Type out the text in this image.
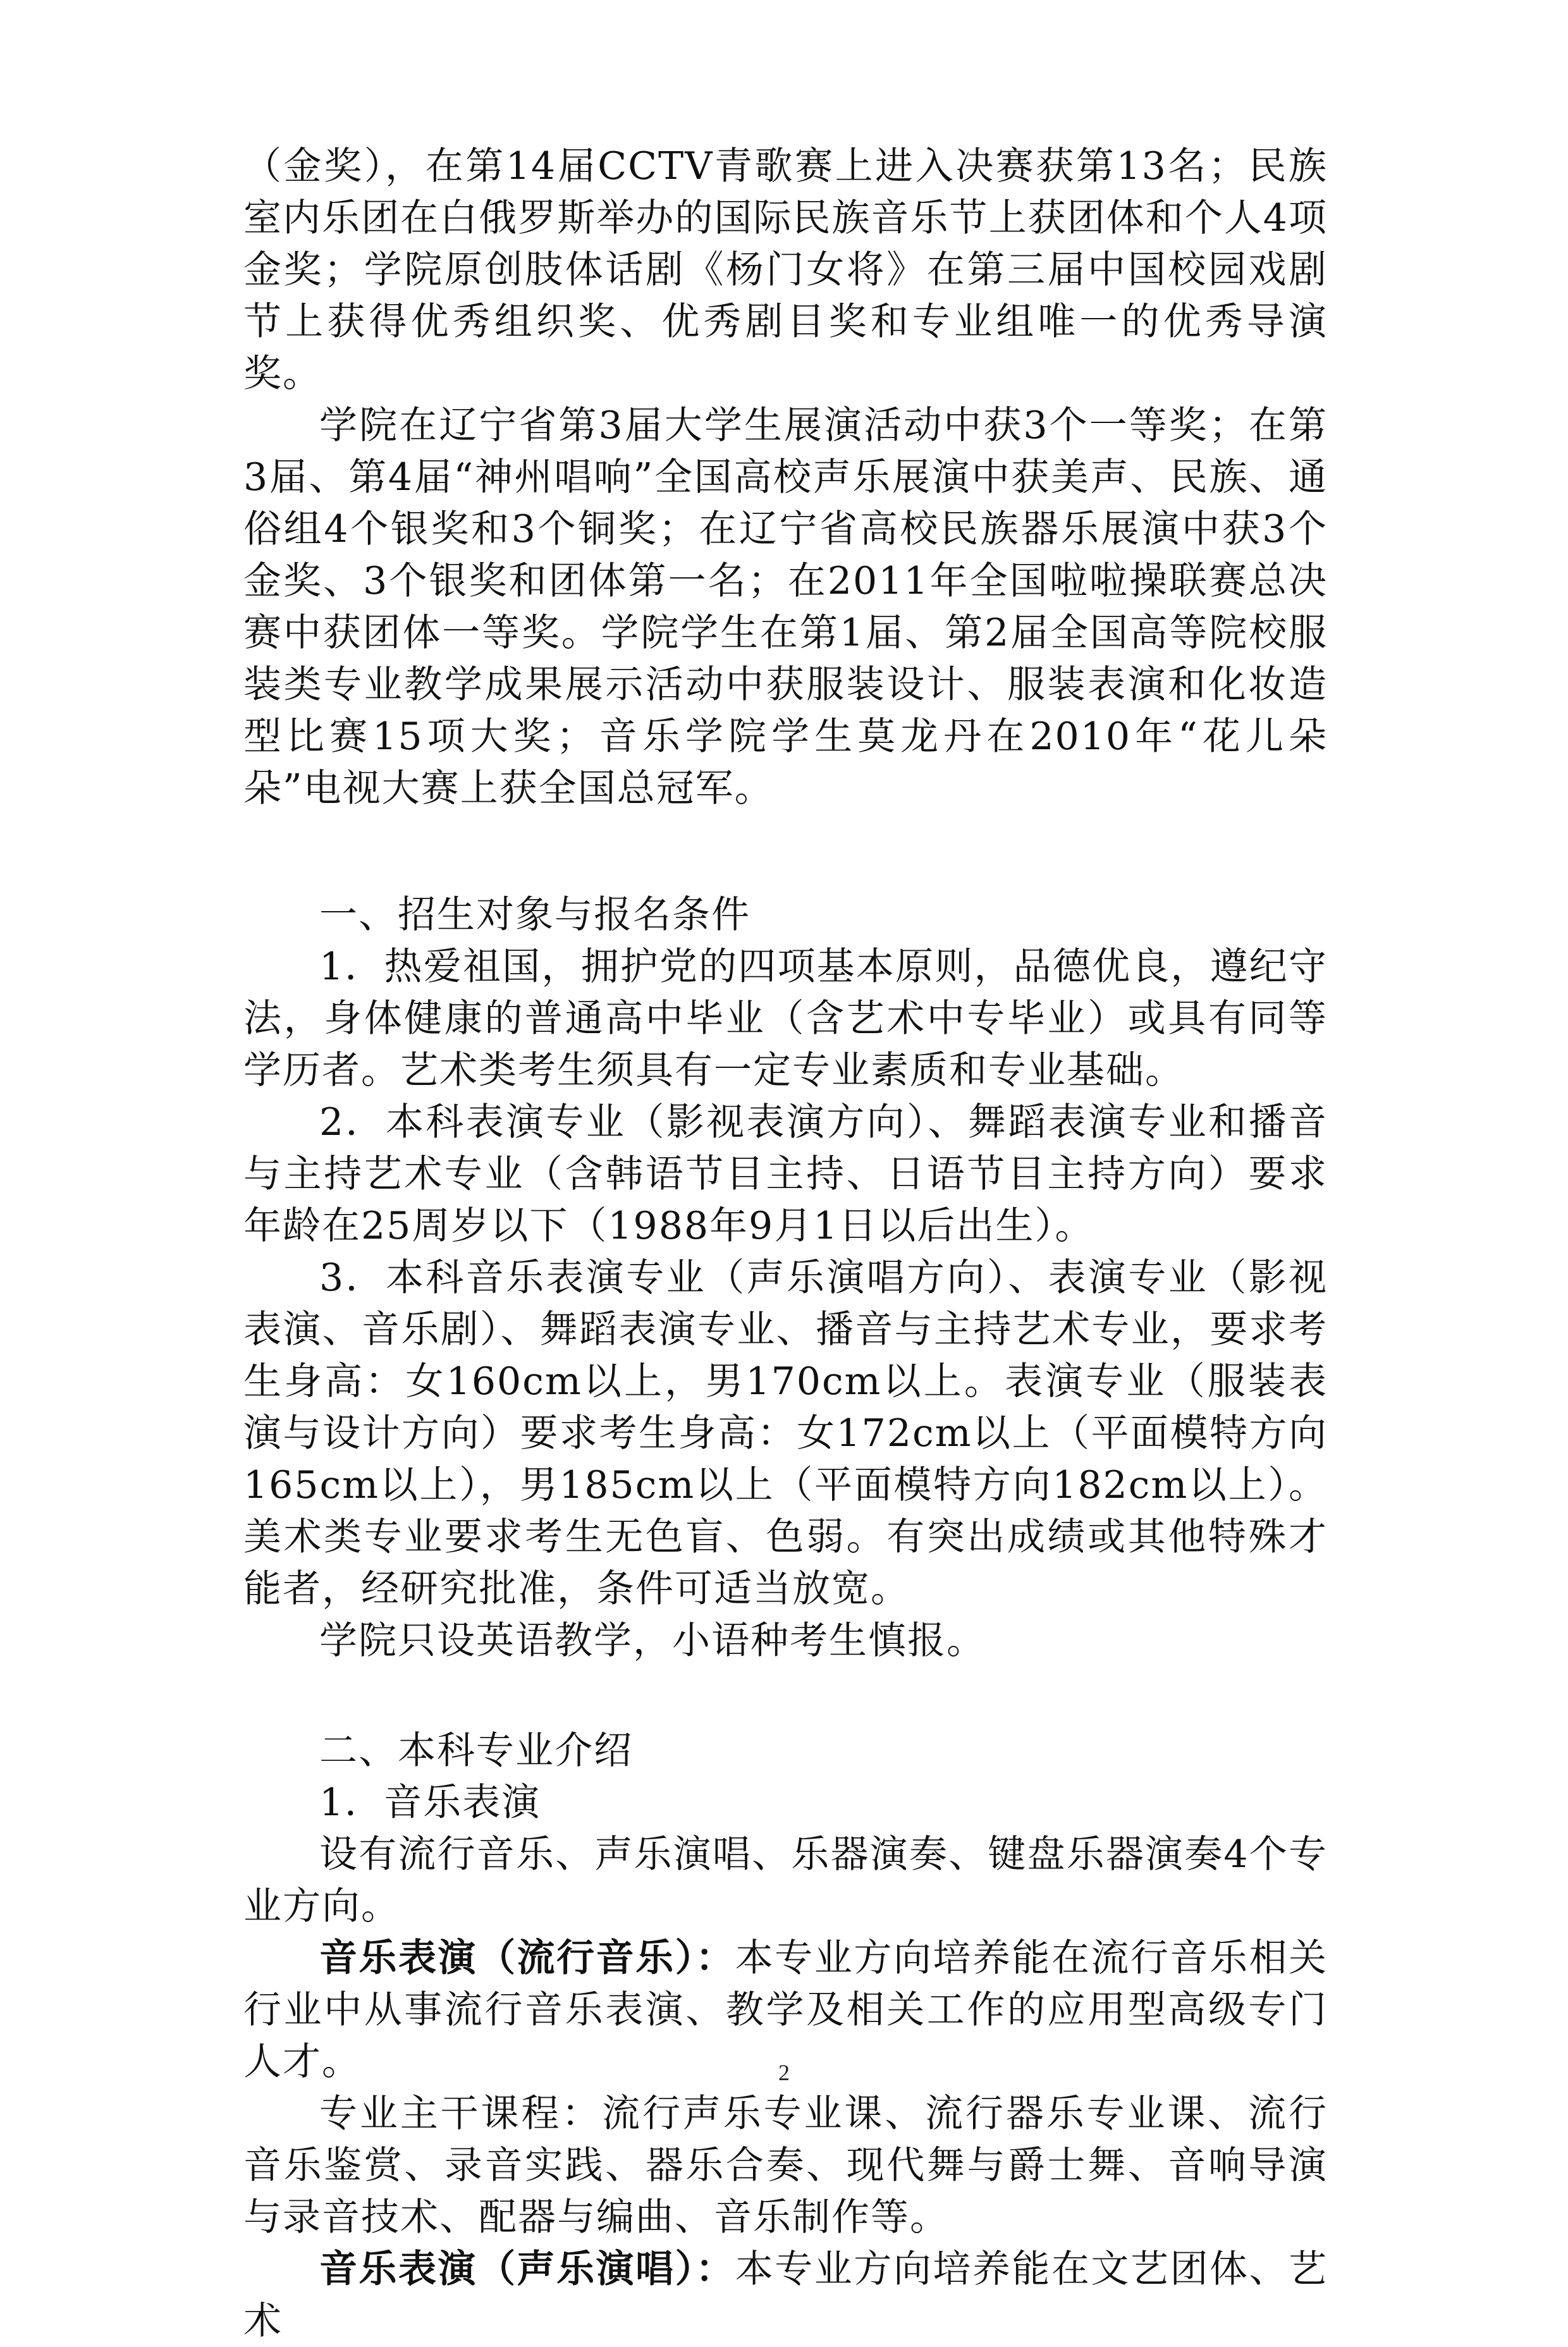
（金奖），在第14届CCTV青歌赛上进入决赛获第13名；民族室内乐团在白俄罗斯举办的国际民族音乐节上获团体和个人4项金奖；学院原创肢体话剧《杨门女将》在第三届中国校园戏剧节上获得优秀组织奖、优秀剧目奖和专业组唯一的优秀导演奖。

学院在辽宁省第3届大学生展演活动中获3个一等奖；在第3届、第4届“神州唱响”全国高校声乐展演中获美声、民族、通俗组4个银奖和3个铜奖；在辽宁省高校民族器乐展演中获3个金奖、3个银奖和团体第一名；在2011年全国啦啦操联赛总决赛中获团体一等奖。学院学生在第1届、第2届全国高等院校服装类专业教学成果展示活动中获服装设计、服装表演和化妆造型比赛15项大奖；音乐学院学生莫龙丹在2010年“花儿朵朵”电视大赛上获全国总冠军。

一、招生对象与报名条件

1．热爱祖国，拥护党的四项基本原则，品德优良，遵纪守法，身体健康的普通高中毕业（含艺术中专毕业）或具有同等学历者。艺术类考生须具有一定专业素质和专业基础。

2．本科表演专业（影视表演方向）、舞蹈表演专业和播音与主持艺术专业（含韩语节目主持、日语节目主持方向）要求年龄在25周岁以下（1988年9月1日以后出生）。

3．本科音乐表演专业（声乐演唱方向）、表演专业（影视表演、音乐剧）、舞蹈表演专业、播音与主持艺术专业，要求考生身高：女160cm以上，男170cm以上。表演专业（服装表演与设计方向）要求考生身高：女172cm以上（平面模特方向165cm以上），男185cm以上（平面模特方向182cm以上）。美术类专业要求考生无色盲、色弱。有突出成绩或其他特殊才能者，经研究批准，条件可适当放宽。

学院只设英语教学，小语种考生慎报。

二、本科专业介绍

1．音乐表演

设有流行音乐、声乐演唱、乐器演奏、键盘乐器演奏4个专业方向。

音乐表演（流行音乐）：本专业方向培养能在流行音乐相关行业中从事流行音乐表演、教学及相关工作的应用型高级专门人才。

专业主干课程：流行声乐专业课、流行器乐专业课、流行音乐鉴赏、录音实践、器乐合奏、现代舞与爵士舞、音响导演与录音技术、配器与编曲、音乐制作等。

音乐表演（声乐演唱）：本专业方向培养能在文艺团体、艺术

2
